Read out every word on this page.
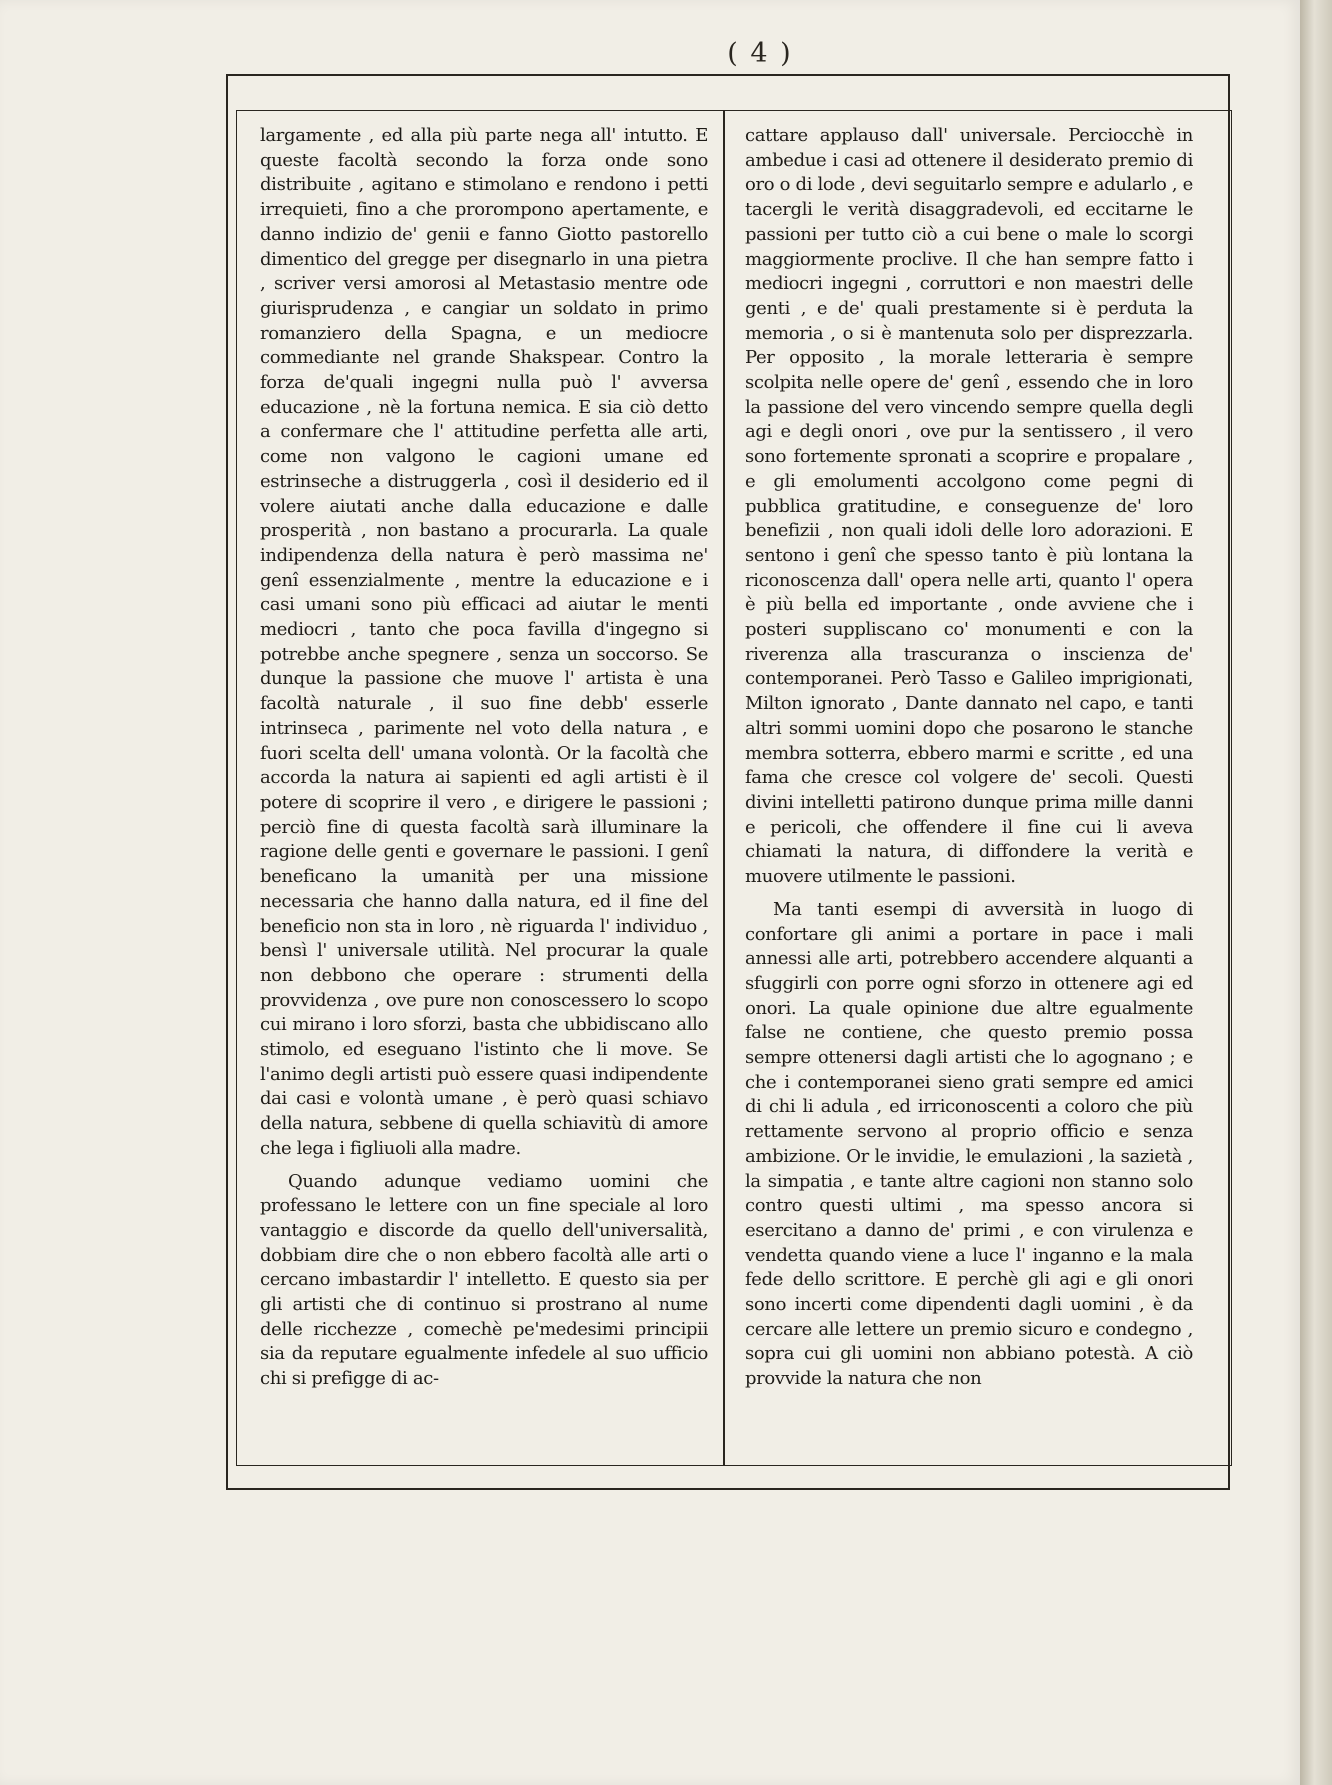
( 4 )

largamente , ed alla più parte nega all' intutto. E queste facoltà secondo la forza onde sono distribuite , agitano e stimolano e rendono i petti irrequieti, fino a che prorompono apertamente, e danno indizio de' genii e fanno Giotto pastorello dimentico del gregge per disegnarlo in una pietra , scriver versi amorosi al Metastasio mentre ode giurisprudenza , e cangiar un soldato in primo romanziero della Spagna, e un mediocre commediante nel grande Shakspear. Contro la forza de'quali ingegni nulla può l' avversa educazione , nè la fortuna nemica. E sia ciò detto a confermare che l' attitudine perfetta alle arti, come non valgono le cagioni umane ed estrinseche a distruggerla , così il desiderio ed il volere aiutati anche dalla educazione e dalle prosperità , non bastano a procurarla. La quale indipendenza della natura è però massima ne' genî essenzialmente , mentre la educazione e i casi umani sono più efficaci ad aiutar le menti mediocri , tanto che poca favilla d'ingegno si potrebbe anche spegnere , senza un soccorso. Se dunque la passione che muove l' artista è una facoltà naturale , il suo fine debb' esserle intrinseca , parimente nel voto della natura , e fuori scelta dell' umana volontà. Or la facoltà che accorda la natura ai sapienti ed agli artisti è il potere di scoprire il vero , e dirigere le passioni ; perciò fine di questa facoltà sarà illuminare la ragione delle genti e governare le passioni. I genî beneficano la umanità per una missione necessaria che hanno dalla natura, ed il fine del beneficio non sta in loro , nè riguarda l' individuo , bensì l' universale utilità. Nel procurar la quale non debbono che operare : strumenti della provvidenza , ove pure non conoscessero lo scopo cui mirano i loro sforzi, basta che ubbidiscano allo stimolo, ed eseguano l'istinto che li move. Se l'animo degli artisti può essere quasi indipendente dai casi e volontà umane , è però quasi schiavo della natura, sebbene di quella schiavitù di amore che lega i figliuoli alla madre.

Quando adunque vediamo uomini che professano le lettere con un fine speciale al loro vantaggio e discorde da quello dell'universalità, dobbiam dire che o non ebbero facoltà alle arti o cercano imbastardir l' intelletto. E questo sia per gli artisti che di continuo si prostrano al nume delle ricchezze , comechè pe'medesimi principii sia da reputare egualmente infedele al suo ufficio chi si prefigge di ac-

cattare applauso dall' universale. Perciocchè in ambedue i casi ad ottenere il desiderato premio di oro o di lode , devi seguitarlo sempre e adularlo , e tacergli le verità disaggradevoli, ed eccitarne le passioni per tutto ciò a cui bene o male lo scorgi maggiormente proclive. Il che han sempre fatto i mediocri ingegni , corruttori e non maestri delle genti , e de' quali prestamente si è perduta la memoria , o si è mantenuta solo per disprezzarla. Per opposito , la morale letteraria è sempre scolpita nelle opere de' genî , essendo che in loro la passione del vero vincendo sempre quella degli agi e degli onori , ove pur la sentissero , il vero sono fortemente spronati a scoprire e propalare , e gli emolumenti accolgono come pegni di pubblica gratitudine, e conseguenze de' loro benefizii , non quali idoli delle loro adorazioni. E sentono i genî che spesso tanto è più lontana la riconoscenza dall' opera nelle arti, quanto l' opera è più bella ed importante , onde avviene che i posteri suppliscano co' monumenti e con la riverenza alla trascuranza o inscienza de' contemporanei. Però Tasso e Galileo imprigionati, Milton ignorato , Dante dannato nel capo, e tanti altri sommi uomini dopo che posarono le stanche membra sotterra, ebbero marmi e scritte , ed una fama che cresce col volgere de' secoli. Questi divini intelletti patirono dunque prima mille danni e pericoli, che offendere il fine cui li aveva chiamati la natura, di diffondere la verità e muovere utilmente le passioni.

Ma tanti esempi di avversità in luogo di confortare gli animi a portare in pace i mali annessi alle arti, potrebbero accendere alquanti a sfuggirli con porre ogni sforzo in ottenere agi ed onori. La quale opinione due altre egualmente false ne contiene, che questo premio possa sempre ottenersi dagli artisti che lo agognano ; e che i contemporanei sieno grati sempre ed amici di chi li adula , ed irriconoscenti a coloro che più rettamente servono al proprio officio e senza ambizione. Or le invidie, le emulazioni , la sazietà , la simpatia , e tante altre cagioni non stanno solo contro questi ultimi , ma spesso ancora si esercitano a danno de' primi , e con virulenza e vendetta quando viene a luce l' inganno e la mala fede dello scrittore. E perchè gli agi e gli onori sono incerti come dipendenti dagli uomini , è da cercare alle lettere un premio sicuro e condegno , sopra cui gli uomini non abbiano potestà. A ciò provvide la natura che non
